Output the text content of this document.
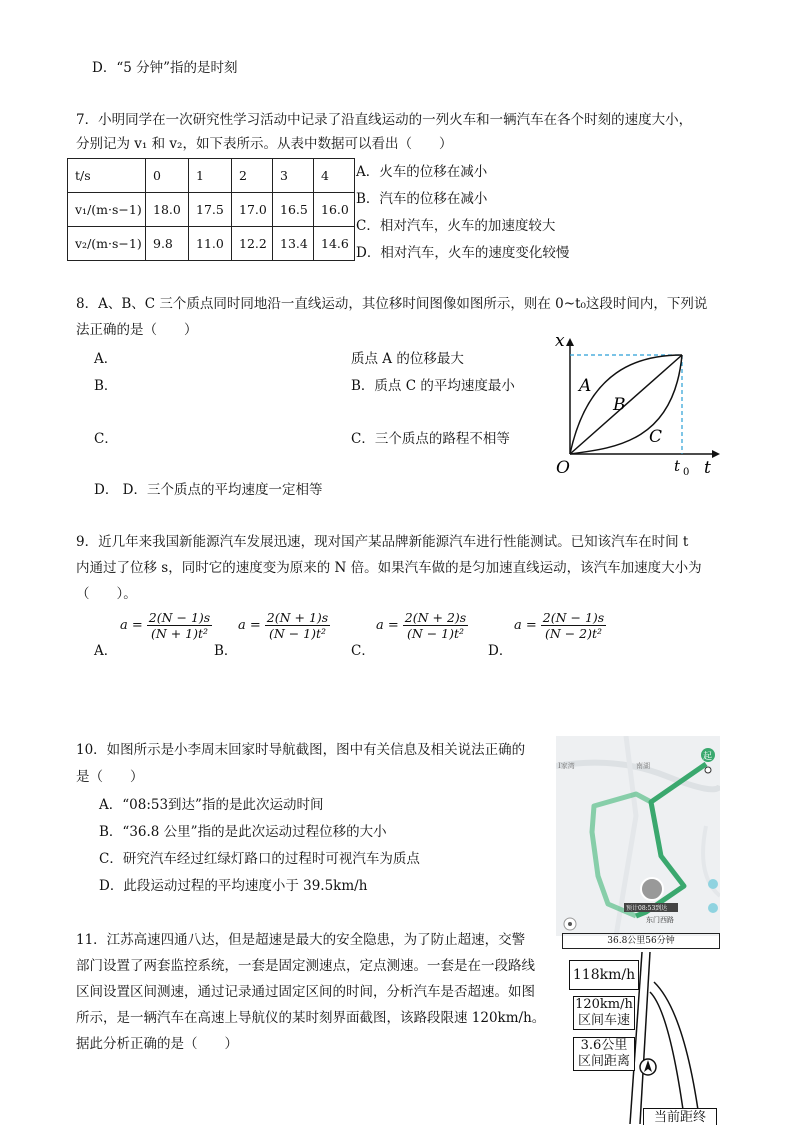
D．“5 分钟”指的是时刻
7．小明同学在一次研究性学习活动中记录了沿直线运动的一列火车和一辆汽车在各个时刻的速度大小，
分别记为 v₁ 和 v₂，如下表所示。从表中数据可以看出（　　）
t/s	0	1	2	3	4
v₁/(m·s−1)	18.0	17.5	17.0	16.5	16.0
v₂/(m·s−1)	9.8	11.0	12.2	13.4	14.6
A．火车的位移在减小
B．汽车的位移在减小
C．相对汽车，火车的加速度较大
D．相对汽车，火车的速度变化较慢
8．A、B、C 三个质点同时同地沿一直线运动，其位移时间图像如图所示，则在 0~t₀这段时间内，下列说
法正确的是（　　）
A．	质点 A 的位移最大
B．	B．质点 C 的平均速度最小
C．	C．三个质点的路程不相等
D． D．三个质点的平均速度一定相等
x
t
O	t 0
A
B
C
9．近几年来我国新能源汽车发展迅速，现对国产某品牌新能源汽车进行性能测试。已知该汽车在时间 t
内通过了位移 s，同时它的速度变为原来的 N 倍。如果汽车做的是匀加速直线运动，该汽车加速度大小为
（　　）。
A．
$a = \frac{2(N - 1)s}{\text{(N + 1)t²}}$
B．
$a = \frac{2(N + 1)s}{\text{(N − 1)t²}}$
C．
$a = \frac{2(N + 2)s}{\text{(N − 1)t²}}$
D．
$a = \frac{2(N - 1)s}{\text{(N − 2)t²}}$
10．如图所示是小李周末回家时导航截图，图中有关信息及相关说法正确的
是（　　）
A．“08:53到达”指的是此次运动时间
B．“36.8 公里”指的是此次运动过程位移的大小
C．研究汽车经过红绿灯路口的过程时可视汽车为质点
D．此段运动过程的平均速度小于 39.5km/h
起
南湖
I家湾
预计08:53到达
东门西路
36.8公里56分钟
11．江苏高速四通八达，但是超速是最大的安全隐患，为了防止超速，交警
部门设置了两套监控系统，一套是固定测速点，定点测速。一套是在一段路线
区间设置区间测速，通过记录通过固定区间的时间，分析汽车是否超速。如图
所示，是一辆汽车在高速上导航仪的某时刻界面截图，该路段限速 120km/h。
据此分析正确的是（　　）
118km/h
120km/h
区间车速
3.6公里
区间距离
当前距终
